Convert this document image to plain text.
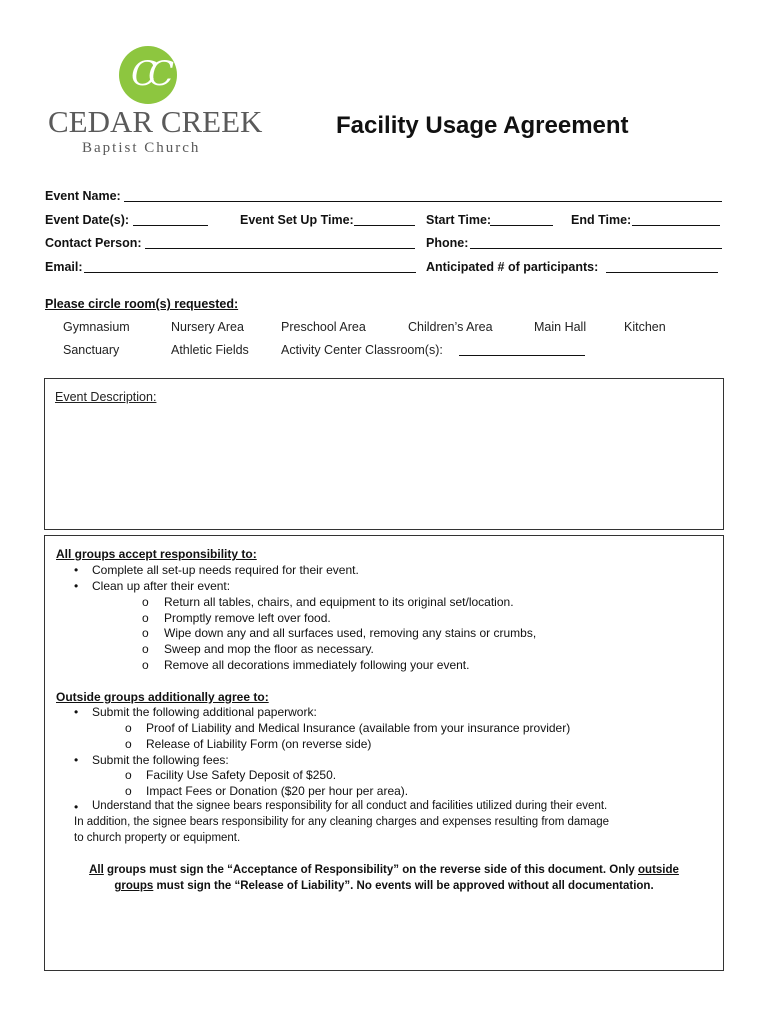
CC
CEDAR CREEK
Baptist Church
Facility Usage Agreement
Event Name:
Event Date(s):	Event Set Up Time:	Start Time:	End Time:
Contact Person:	Phone:
Email:	Anticipated # of participants:
Please circle room(s) requested:
Gymnasium	Nursery Area	Preschool Area	Children’s Area	Main Hall	Kitchen
Sanctuary	Athletic Fields	Activity Center Classroom(s):
Event Description:
All groups accept responsibility to:
• Complete all set-up needs required for their event.
• Clean up after their event:
o Return all tables, chairs, and equipment to its original set/location.
o Promptly remove left over food.
o Wipe down any and all surfaces used, removing any stains or crumbs,
o Sweep and mop the floor as necessary.
o Remove all decorations immediately following your event.
Outside groups additionally agree to:
• Submit the following additional paperwork:
o Proof of Liability and Medical Insurance (available from your insurance provider)
o Release of Liability Form (on reverse side)
• Submit the following fees:
o Facility Use Safety Deposit of $250.
o Impact Fees or Donation ($20 per hour per area).
• Understand that the signee bears responsibility for all conduct and facilities utilized during their event.
In addition, the signee bears responsibility for any cleaning charges and expenses resulting from damage
to church property or equipment.
All groups must sign the “Acceptance of Responsibility” on the reverse side of this document. Only outside
groups must sign the “Release of Liability”. No events will be approved without all documentation.
